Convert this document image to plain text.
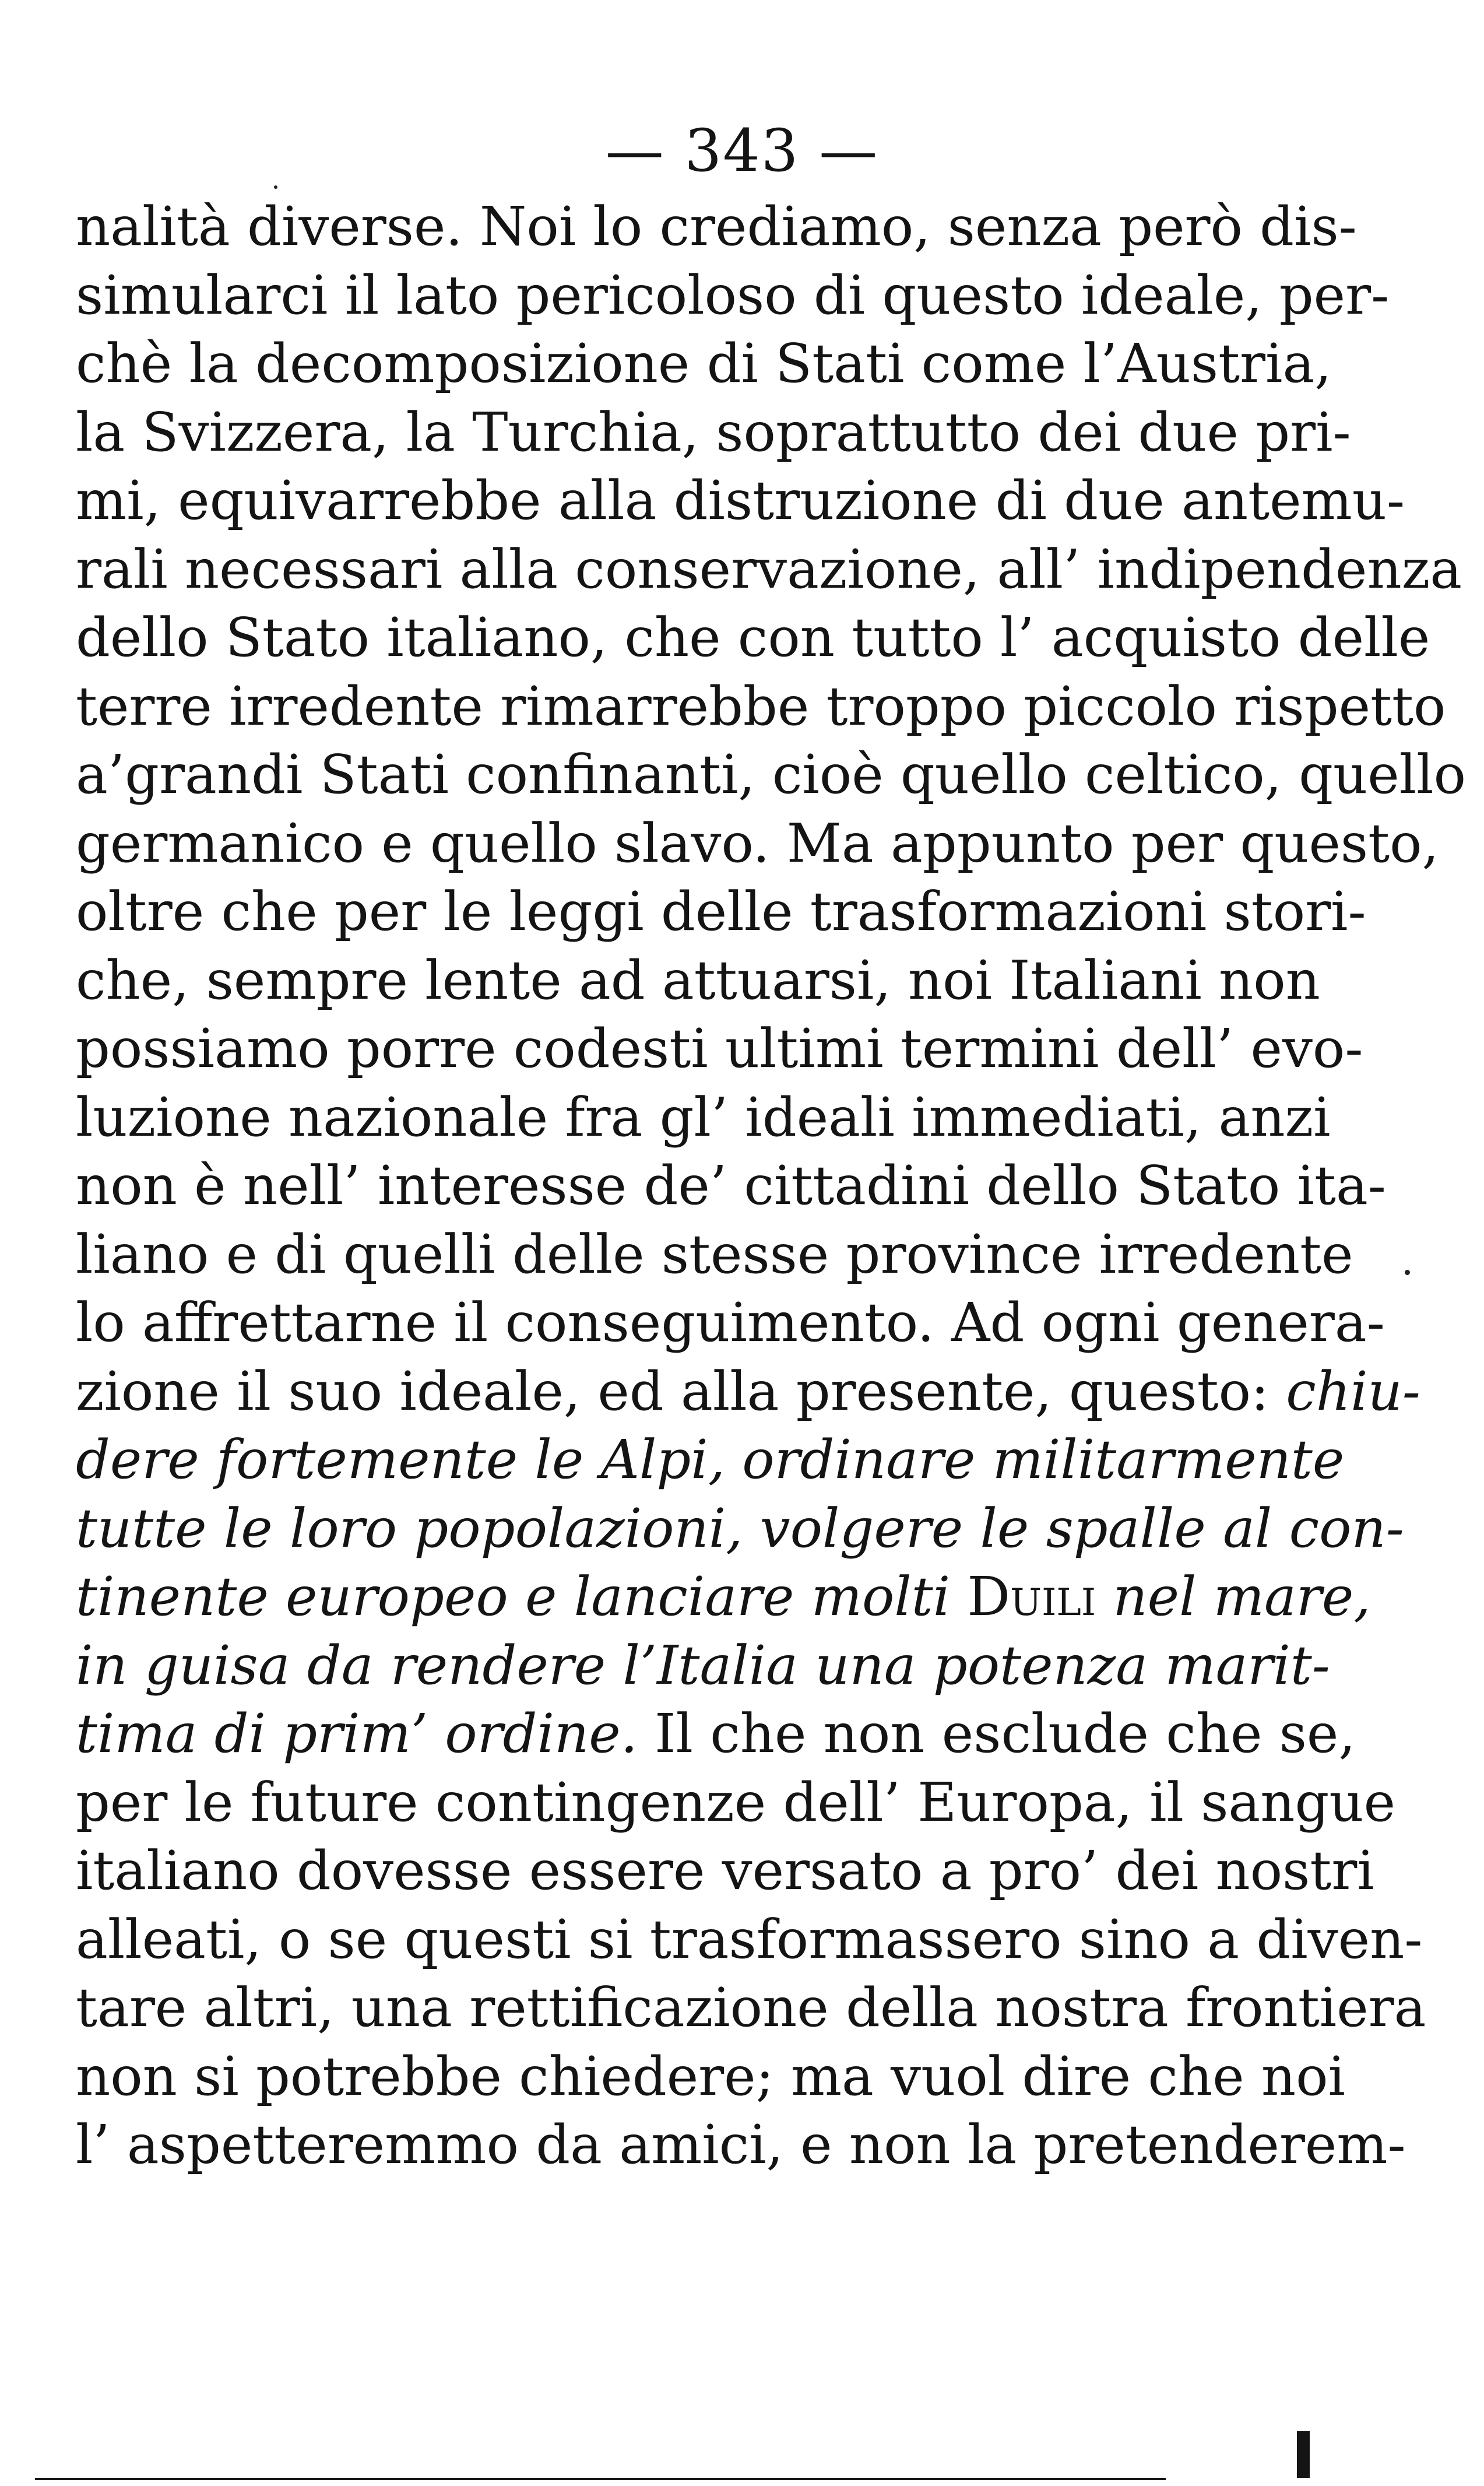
— 343 —
nalità diverse. Noi lo crediamo, senza però dis-
simularci il lato pericoloso di questo ideale, per-
chè la decomposizione di Stati come l’Austria,
la Svizzera, la Turchia, soprattutto dei due pri-
mi, equivarrebbe alla distruzione di due antemu-
rali necessari alla conservazione, all’ indipendenza
dello Stato italiano, che con tutto l’ acquisto delle
terre irredente rimarrebbe troppo piccolo rispetto
a’grandi Stati confinanti, cioè quello celtico, quello
germanico e quello slavo. Ma appunto per questo,
oltre che per le leggi delle trasformazioni stori-
che, sempre lente ad attuarsi, noi Italiani non
possiamo porre codesti ultimi termini dell’ evo-
luzione nazionale fra gl’ ideali immediati, anzi
non è nell’ interesse de’ cittadini dello Stato ita-
liano e di quelli delle stesse province irredente
lo affrettarne il conseguimento. Ad ogni genera-
zione il suo ideale, ed alla presente, questo: chiu-
dere fortemente le Alpi, ordinare militarmente
tutte le loro popolazioni, volgere le spalle al con-
tinente europeo e lanciare molti Duili nel mare,
in guisa da rendere l’Italia una potenza marit-
tima di prim’ ordine. Il che non esclude che se,
per le future contingenze dell’ Europa, il sangue
italiano dovesse essere versato a pro’ dei nostri
alleati, o se questi si trasformassero sino a diven-
tare altri, una rettificazione della nostra frontiera
non si potrebbe chiedere; ma vuol dire che noi
l’ aspetteremmo da amici, e non la pretenderem-
